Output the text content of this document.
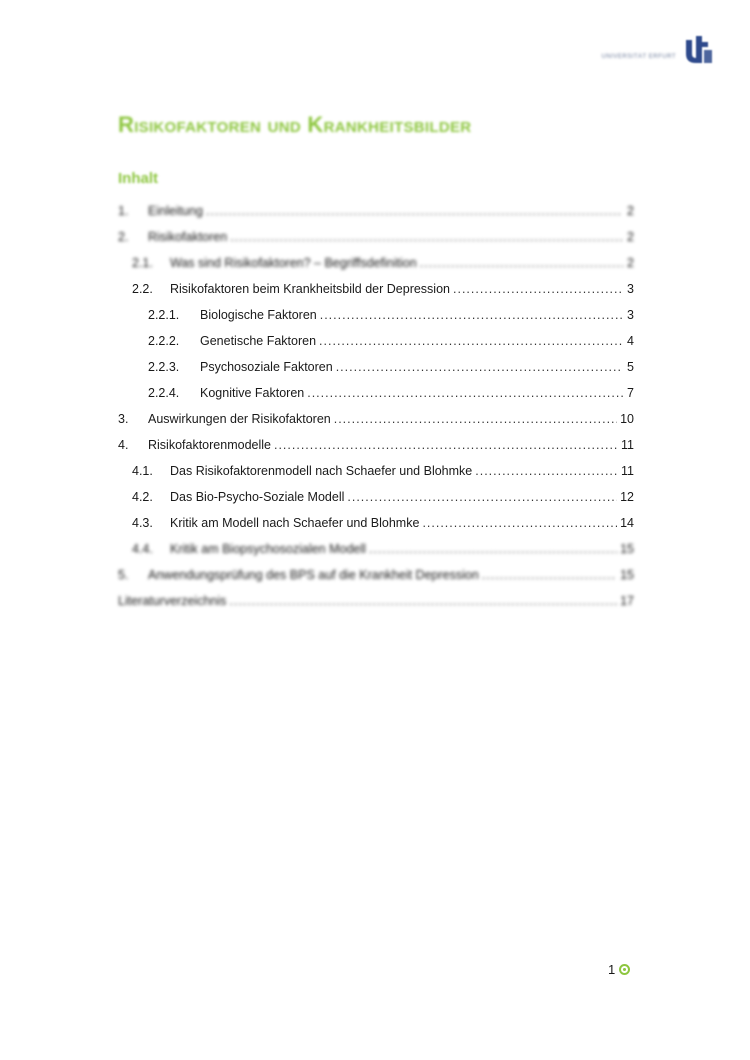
UNIVERSITÄT ERFURT
Risikofaktoren und Krankheitsbilder
Inhalt
1.	Einleitung .....	2
2.	Risikofaktoren .....	2
2.1.	Was sind Risikofaktoren? – Begriffsdefinition .....	2
2.2.	Risikofaktoren beim Krankheitsbild der Depression .....	3
2.2.1.	Biologische Faktoren .....	3
2.2.2.	Genetische Faktoren .....	4
2.2.3.	Psychosoziale Faktoren .....	5
2.2.4.	Kognitive Faktoren .....	7
3.	Auswirkungen der Risikofaktoren .....	10
4.	Risikofaktorenmodelle .....	11
4.1.	Das Risikofaktorenmodell nach Schaefer und Blohmke .....	11
4.2.	Das Bio-Psycho-Soziale Modell .....	12
4.3.	Kritik am Modell nach Schaefer und Blohmke .....	14
4.4.	Kritik am Biopsychosozialen Modell .....	15
5.	Anwendungsprüfung des BPS auf die Krankheit Depression .....	15
Literaturverzeichnis .....	17
1
